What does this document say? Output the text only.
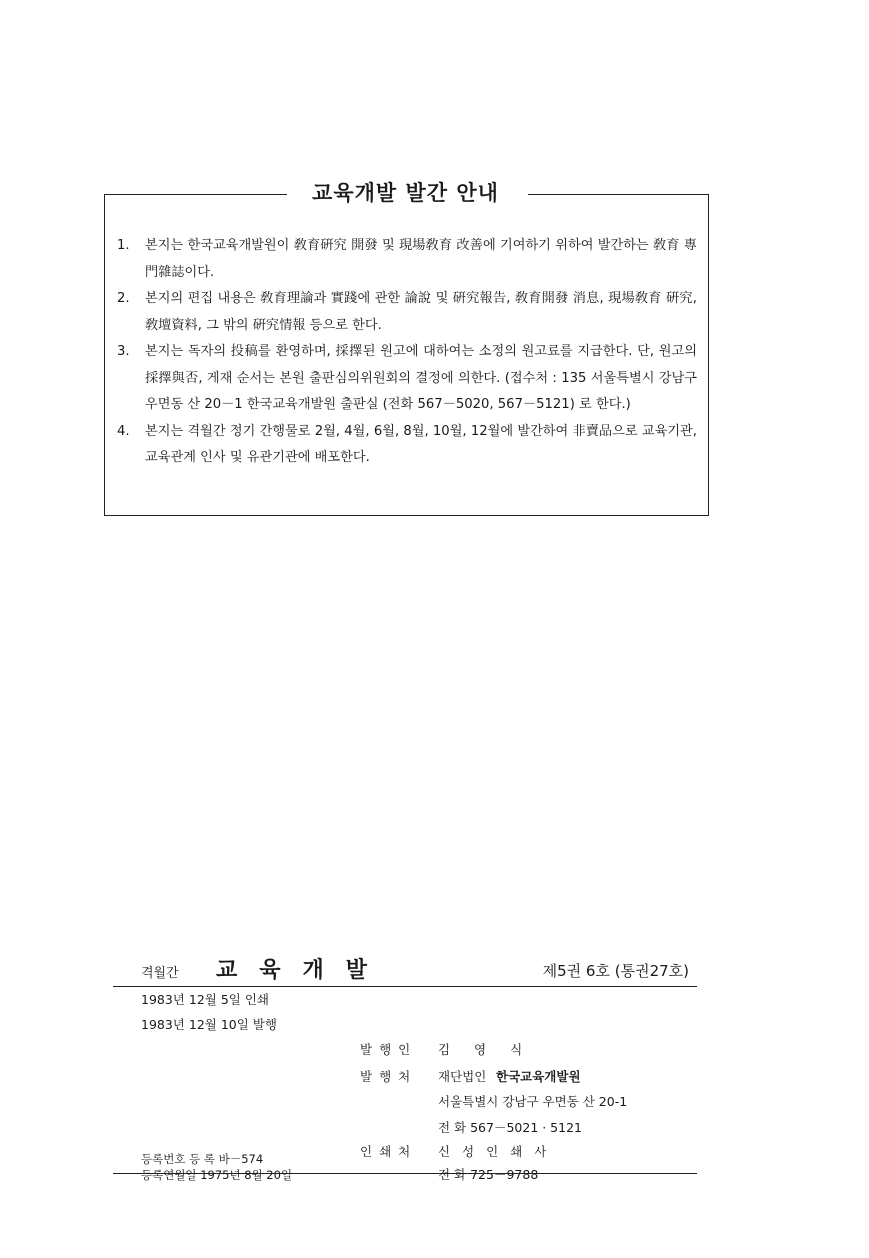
교육개발 발간 안내
1. 본지는 한국교육개발원이 敎育硏究 開發 및 現場敎育 改善에 기여하기 위하여 발간하는 敎育 專門雜誌이다.
2. 본지의 편집 내용은 敎育理論과 實踐에 관한 論說 및 硏究報告, 敎育開發 消息, 現場敎育 硏究, 敎壇資料, 그 밖의 硏究情報 등으로 한다.
3. 본지는 독자의 投稿를 환영하며, 採擇된 원고에 대하여는 소정의 원고료를 지급한다. 단, 원고의 採擇與否, 게재 순서는 본원 출판심의위원회의 결정에 의한다. (접수처 : 135 서울특별시 강남구 우면동 산 20－1 한국교육개발원 출판실 (전화 567－5020, 567－5121) 로 한다.)
4. 본지는 격월간 정기 간행물로 2월, 4월, 6월, 8월, 10월, 12월에 발간하여 非賣品으로 교육기관, 교육관계 인사 및 유관기관에 배포한다.
격월간 교육개발	제5권 6호 (통권27호)
1983년 12월 5일 인쇄
1983년 12월 10일 발행
발행인 김 영 식
발행처 재단법인 한국교육개발원
서울특별시 강남구 우면동 산 20-1
전 화 567－5021 · 5121
인쇄처 신 성 인 쇄 사
전 화 725－9788
등록번호 등 록 바－574
등록연월일 1975년 8월 20일
